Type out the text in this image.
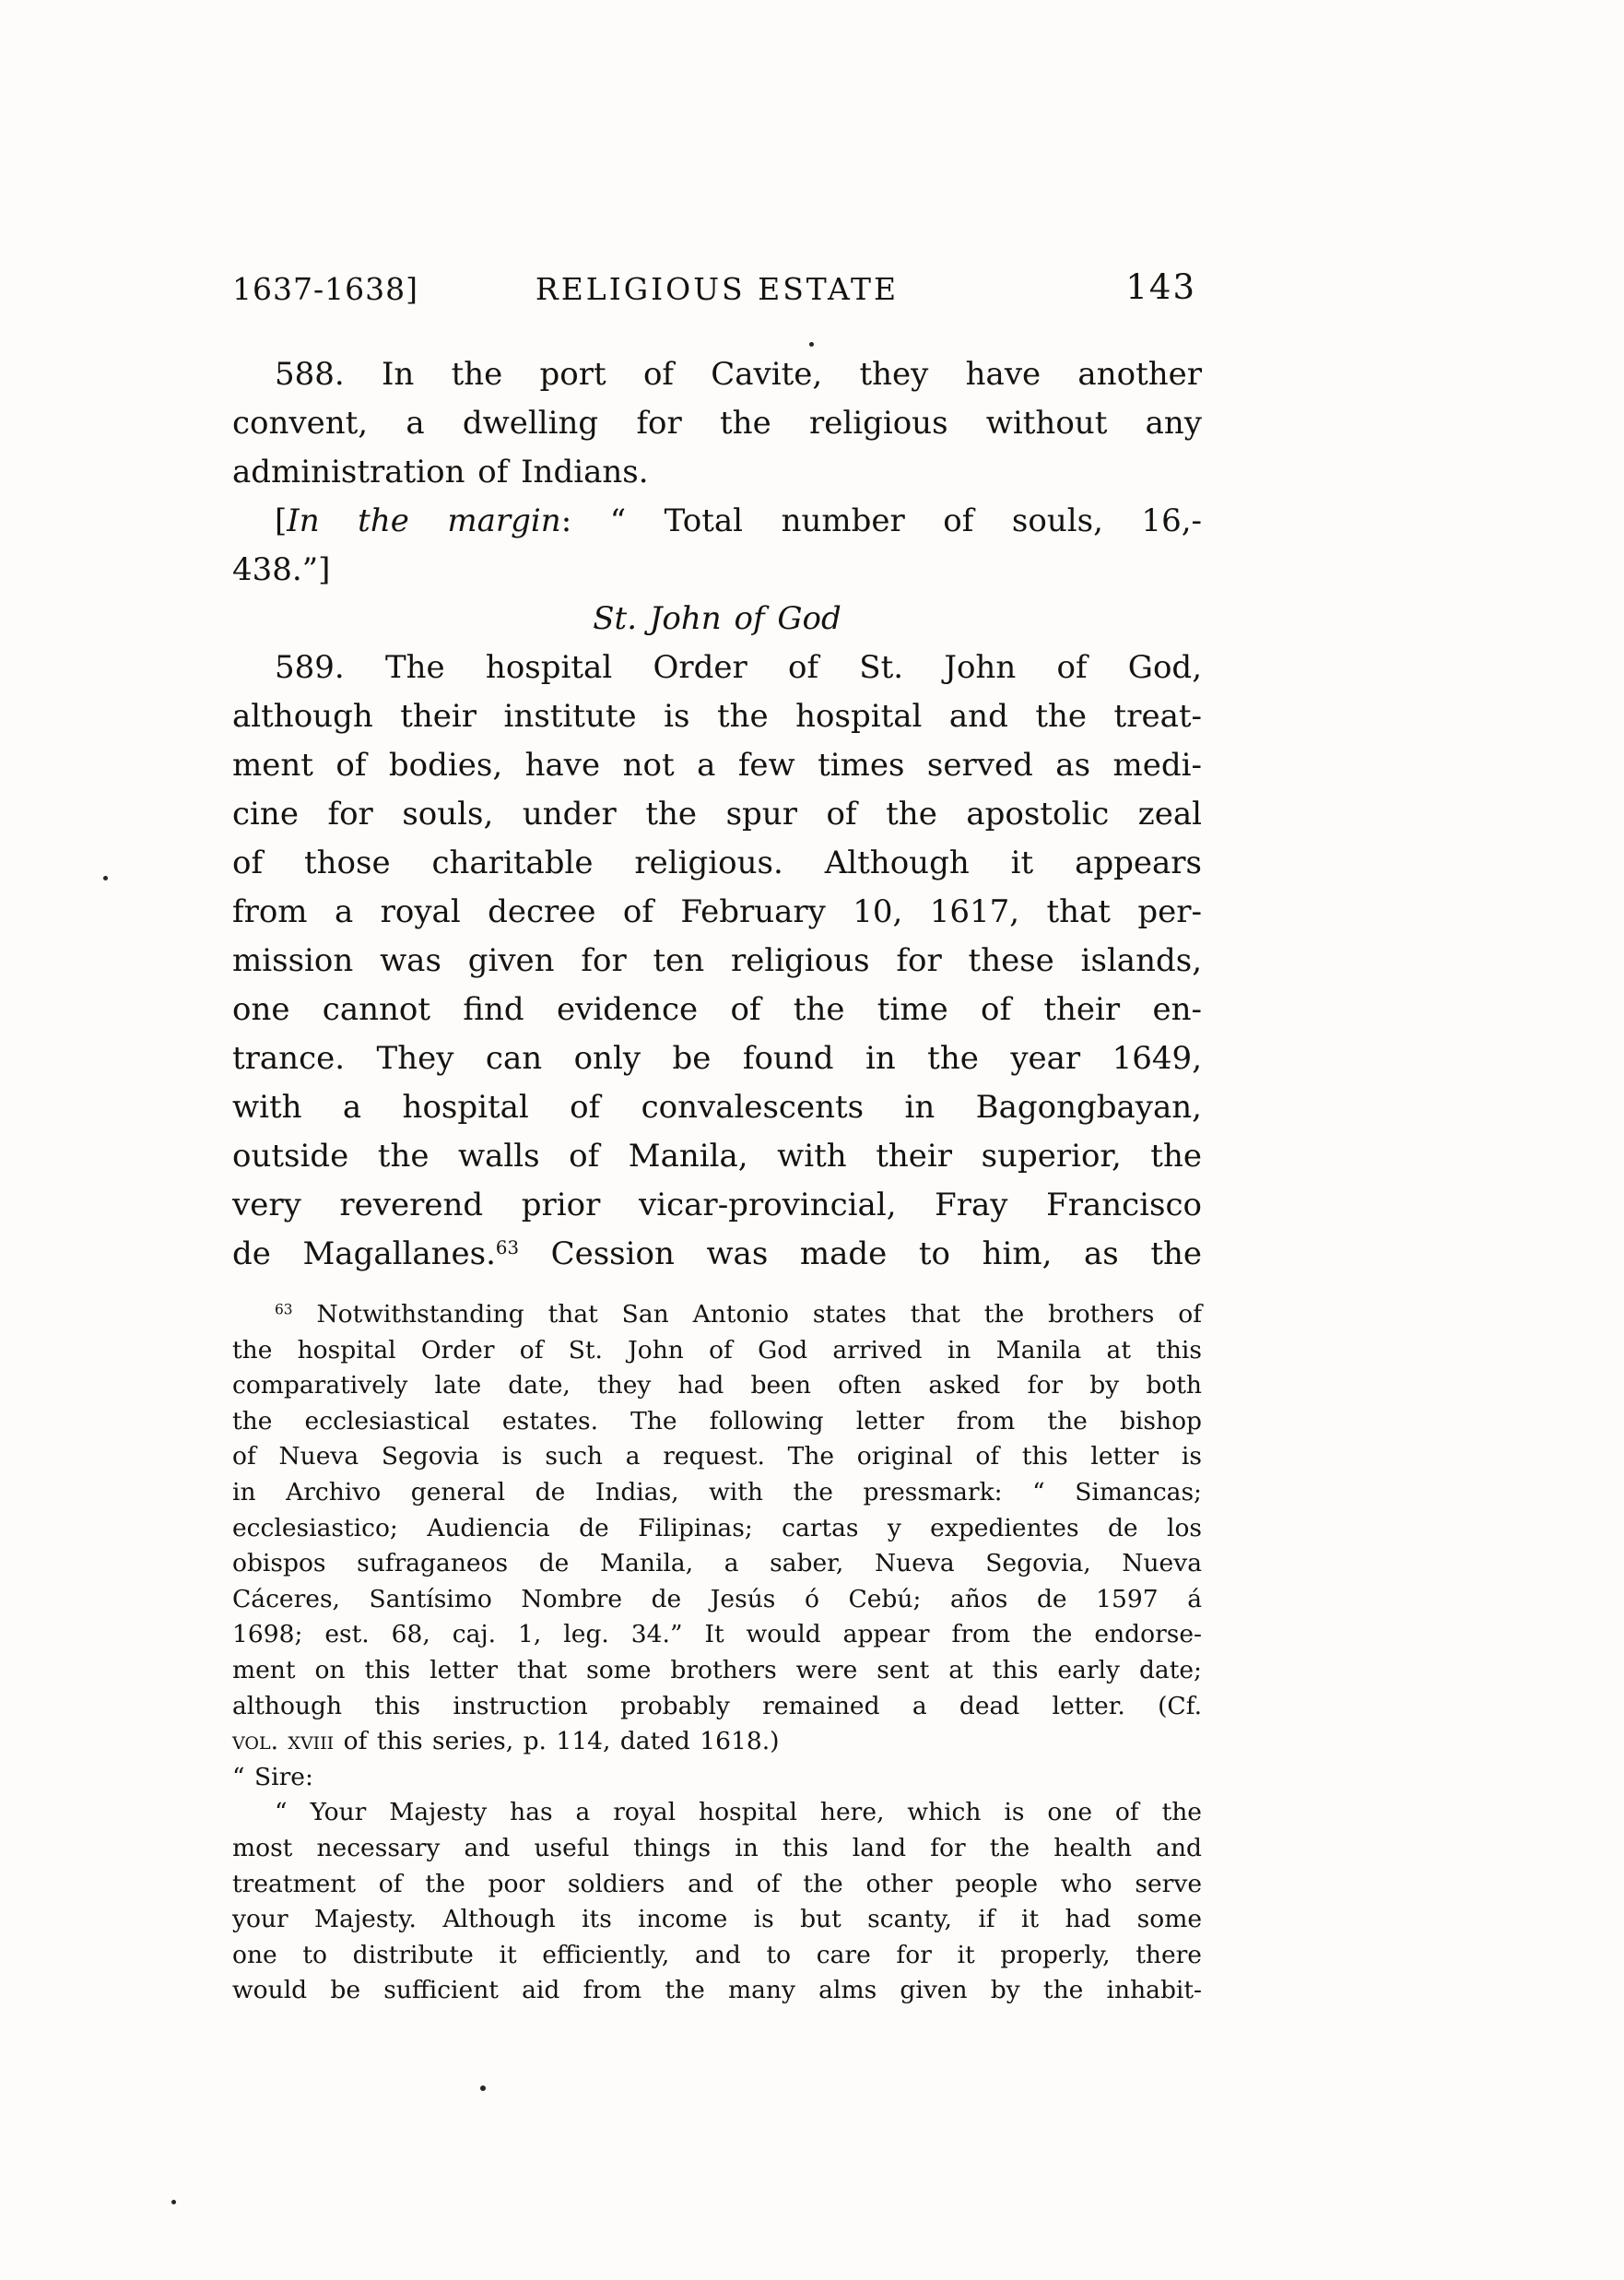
1637-1638]	RELIGIOUS ESTATE	143
588. In the port of Cavite, they have another
convent, a dwelling for the religious without any
administration of Indians.
[In the margin: “ Total number of souls, 16,-
438.”]
St. John of God
589. The hospital Order of St. John of God,
although their institute is the hospital and the treat-
ment of bodies, have not a few times served as medi-
cine for souls, under the spur of the apostolic zeal
of those charitable religious. Although it appears
from a royal decree of February 10, 1617, that per-
mission was given for ten religious for these islands,
one cannot find evidence of the time of their en-
trance. They can only be found in the year 1649,
with a hospital of convalescents in Bagongbayan,
outside the walls of Manila, with their superior, the
very reverend prior vicar-provincial, Fray Francisco
de Magallanes.$^{63}$ Cession was made to him, as the
$^{63}$ Notwithstanding that San Antonio states that the brothers of
the hospital Order of St. John of God arrived in Manila at this
comparatively late date, they had been often asked for by both
the ecclesiastical estates. The following letter from the bishop
of Nueva Segovia is such a request. The original of this letter is
in Archivo general de Indias, with the pressmark: “ Simancas;
ecclesiastico; Audiencia de Filipinas; cartas y expedientes de los
obispos sufraganeos de Manila, a saber, Nueva Segovia, Nueva
Cáceres, Santísimo Nombre de Jesús ó Cebú; años de 1597 á
1698; est. 68, caj. 1, leg. 34.” It would appear from the endorse-
ment on this letter that some brothers were sent at this early date;
although this instruction probably remained a dead letter. (Cf.
vol. xviii of this series, p. 114, dated 1618.)
“ Sire:
“ Your Majesty has a royal hospital here, which is one of the
most necessary and useful things in this land for the health and
treatment of the poor soldiers and of the other people who serve
your Majesty. Although its income is but scanty, if it had some
one to distribute it efficiently, and to care for it properly, there
would be sufficient aid from the many alms given by the inhabit-
